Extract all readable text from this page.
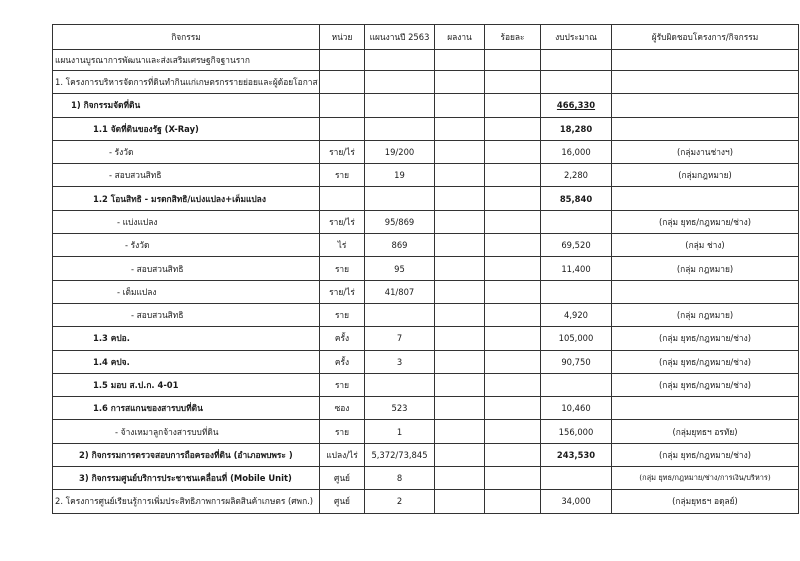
กิจกรรม	หน่วย	แผนงานปี 2563	ผลงาน	ร้อยละ	งบประมาณ	ผู้รับผิดชอบโครงการ/กิจกรรม
แผนงานบูรณาการพัฒนาและส่งเสริมเศรษฐกิจฐานราก						
1. โครงการบริหารจัดการที่ดินทำกินแก่เกษตรกรรายย่อยและผู้ด้อยโอกาส						
1) กิจกรรมจัดที่ดิน					466,330	
1.1 จัดที่ดินของรัฐ (X-Ray)					18,280	
- รังวัด	ราย/ไร่	19/200			16,000	(กลุ่มงานช่างฯ)
- สอบสวนสิทธิ	ราย	19			2,280	(กลุ่มกฎหมาย)
1.2 โอนสิทธิ - มรดกสิทธิ/แบ่งแปลง+เต็มแปลง					85,840	
- แบ่งแปลง	ราย/ไร่	95/869				(กลุ่ม ยุทธ/กฎหมาย/ช่าง)
- รังวัด	ไร่	869			69,520	(กลุ่ม ช่าง)
- สอบสวนสิทธิ	ราย	95			11,400	(กลุ่ม กฎหมาย)
- เต็มแปลง	ราย/ไร่	41/807				
- สอบสวนสิทธิ	ราย				4,920	(กลุ่ม กฎหมาย)
1.3 คปอ.	ครั้ง	7			105,000	(กลุ่ม ยุทธ/กฎหมาย/ช่าง)
1.4 คปจ.	ครั้ง	3			90,750	(กลุ่ม ยุทธ/กฎหมาย/ช่าง)
1.5 มอบ ส.ป.ก. 4-01	ราย					(กลุ่ม ยุทธ/กฎหมาย/ช่าง)
1.6 การสแกนของสารบบที่ดิน	ซอง	523			10,460	
- จ้างเหมาลูกจ้างสารบบที่ดิน	ราย	1			156,000	(กลุ่มยุทธฯ อรทัย)
2) กิจกรรมการตรวจสอบการถือครองที่ดิน (อำเภอพบพระ )	แปลง/ไร่	5,372/73,845			243,530	(กลุ่ม ยุทธ/กฎหมาย/ช่าง)
3) กิจกรรมศูนย์บริการประชาชนเคลื่อนที่ (Mobile Unit)	ศูนย์	8				(กลุ่ม ยุทธ/กฎหมาย/ช่าง/การเงิน/บริหาร)
2. โครงการศูนย์เรียนรู้การเพิ่มประสิทธิภาพการผลิตสินค้าเกษตร (ศพก.)	ศูนย์	2			34,000	(กลุ่มยุทธฯ อดุลย์)
